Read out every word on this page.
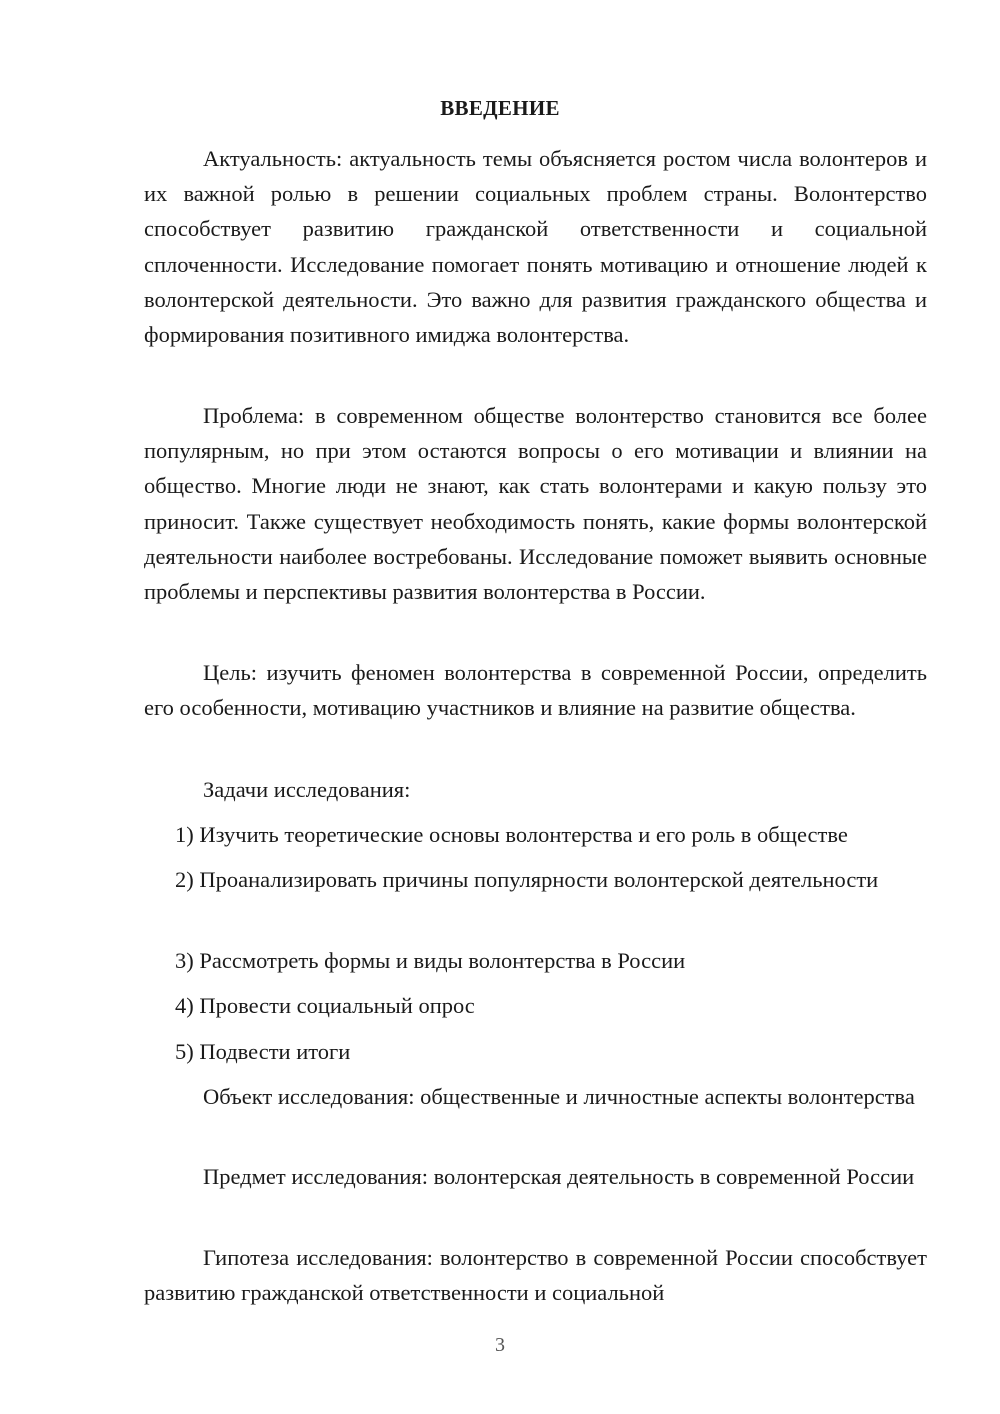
ВВЕДЕНИЕ

Актуальность: актуальность темы объясняется ростом числа волонтеров и их важной ролью в решении социальных проблем страны. Волонтерство способствует развитию гражданской ответственности и социальной сплоченности. Исследование помогает понять мотивацию и отношение людей к волонтерской деятельности. Это важно для развития гражданского общества и формирования позитивного имиджа волонтерства.

Проблема: в современном обществе волонтерство становится все более популярным, но при этом остаются вопросы о его мотивации и влиянии на общество. Многие люди не знают, как стать волонтерами и какую пользу это приносит. Также существует необходимость понять, какие формы волонтерской деятельности наиболее востребованы. Исследование поможет выявить основные проблемы и перспективы развития волонтерства в России.

Цель: изучить феномен волонтерства в современной России, определить его особенности, мотивацию участников и влияние на развитие общества.

Задачи исследования:

1) Изучить теоретические основы волонтерства и его роль в обществе

2) Проанализировать причины популярности волонтерской деятельности

3) Рассмотреть формы и виды волонтерства в России

4) Провести социальный опрос

5) Подвести итоги

Объект исследования: общественные и личностные аспекты волонтерства

Предмет исследования: волонтерская деятельность в современной России

Гипотеза исследования: волонтерство в современной России способствует развитию гражданской ответственности и социальной

3
